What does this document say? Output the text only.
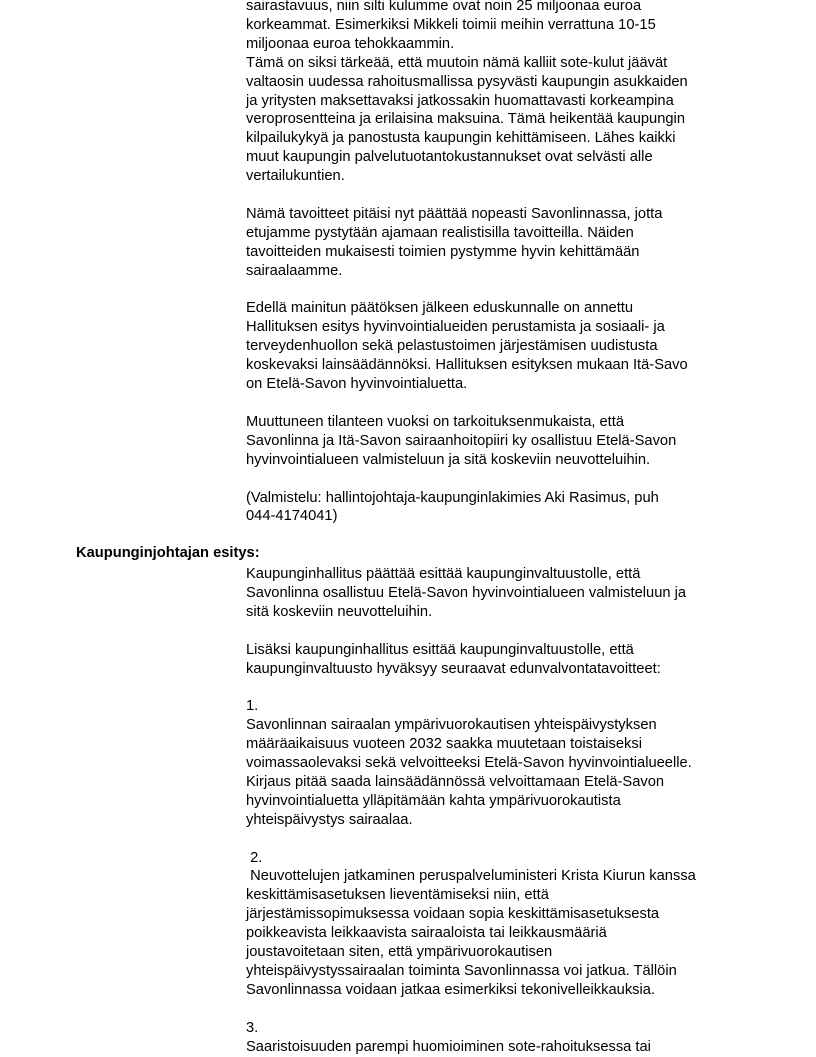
sairastavuus, niin silti kulumme ovat noin 25 miljoonaa euroa

korkeammat. Esimerkiksi Mikkeli toimii meihin verrattuna 10-15

miljoonaa euroa tehokkaammin.

Tämä on siksi tärkeää, että muutoin nämä kalliit sote-kulut jäävät

valtaosin uudessa rahoitusmallissa pysyvästi kaupungin asukkaiden

ja yritysten maksettavaksi jatkossakin huomattavasti korkeampina

veroprosentteina ja erilaisina maksuina. Tämä heikentää kaupungin

kilpailukykyä ja panostusta kaupungin kehittämiseen. Lähes kaikki

muut kaupungin palvelutuotantokustannukset ovat selvästi alle

vertailukuntien.

Nämä tavoitteet pitäisi nyt päättää nopeasti Savonlinnassa, jotta

etujamme pystytään ajamaan realistisilla tavoitteilla. Näiden

tavoitteiden mukaisesti toimien pystymme hyvin kehittämään

sairaalaamme.

Edellä mainitun päätöksen jälkeen eduskunnalle on annettu

Hallituksen esitys hyvinvointialueiden perustamista ja sosiaali- ja

terveydenhuollon sekä pelastustoimen järjestämisen uudistusta

koskevaksi lainsäädännöksi. Hallituksen esityksen mukaan Itä-Savo

on Etelä-Savon hyvinvointialuetta.

Muuttuneen tilanteen vuoksi on tarkoituksenmukaista, että

Savonlinna ja Itä-Savon sairaanhoitopiiri ky osallistuu Etelä-Savon

hyvinvointialueen valmisteluun ja sitä koskeviin neuvotteluihin.

(Valmistelu: hallintojohtaja-kaupunginlakimies Aki Rasimus, puh

044-4174041)

Kaupunginjohtajan esitys:

Kaupunginhallitus päättää esittää kaupunginvaltuustolle, että

Savonlinna osallistuu Etelä-Savon hyvinvointialueen valmisteluun ja

sitä koskeviin neuvotteluihin.

Lisäksi kaupunginhallitus esittää kaupunginvaltuustolle, että

kaupunginvaltuusto hyväksyy seuraavat edunvalvontatavoitteet:

1.

Savonlinnan sairaalan ympärivuorokautisen yhteispäivystyksen

määräaikaisuus vuoteen 2032 saakka muutetaan toistaiseksi

voimassaolevaksi sekä velvoitteeksi Etelä-Savon hyvinvointialueelle.

Kirjaus pitää saada lainsäädännössä velvoittamaan Etelä-Savon

hyvinvointialuetta ylläpitämään kahta ympärivuorokautista

yhteispäivystys sairaalaa.

2.

Neuvottelujen jatkaminen peruspalveluministeri Krista Kiurun kanssa

keskittämisasetuksen lieventämiseksi niin, että

järjestämissopimuksessa voidaan sopia keskittämisasetuksesta

poikkeavista leikkaavista sairaaloista tai leikkausmääriä

joustavoitetaan siten, että ympärivuorokautisen

yhteispäivystyssairaalan toiminta Savonlinnassa voi jatkua. Tällöin

Savonlinnassa voidaan jatkaa esimerkiksi tekonivelleikkauksia.

3.

Saaristoisuuden parempi huomioiminen sote-rahoituksessa tai
